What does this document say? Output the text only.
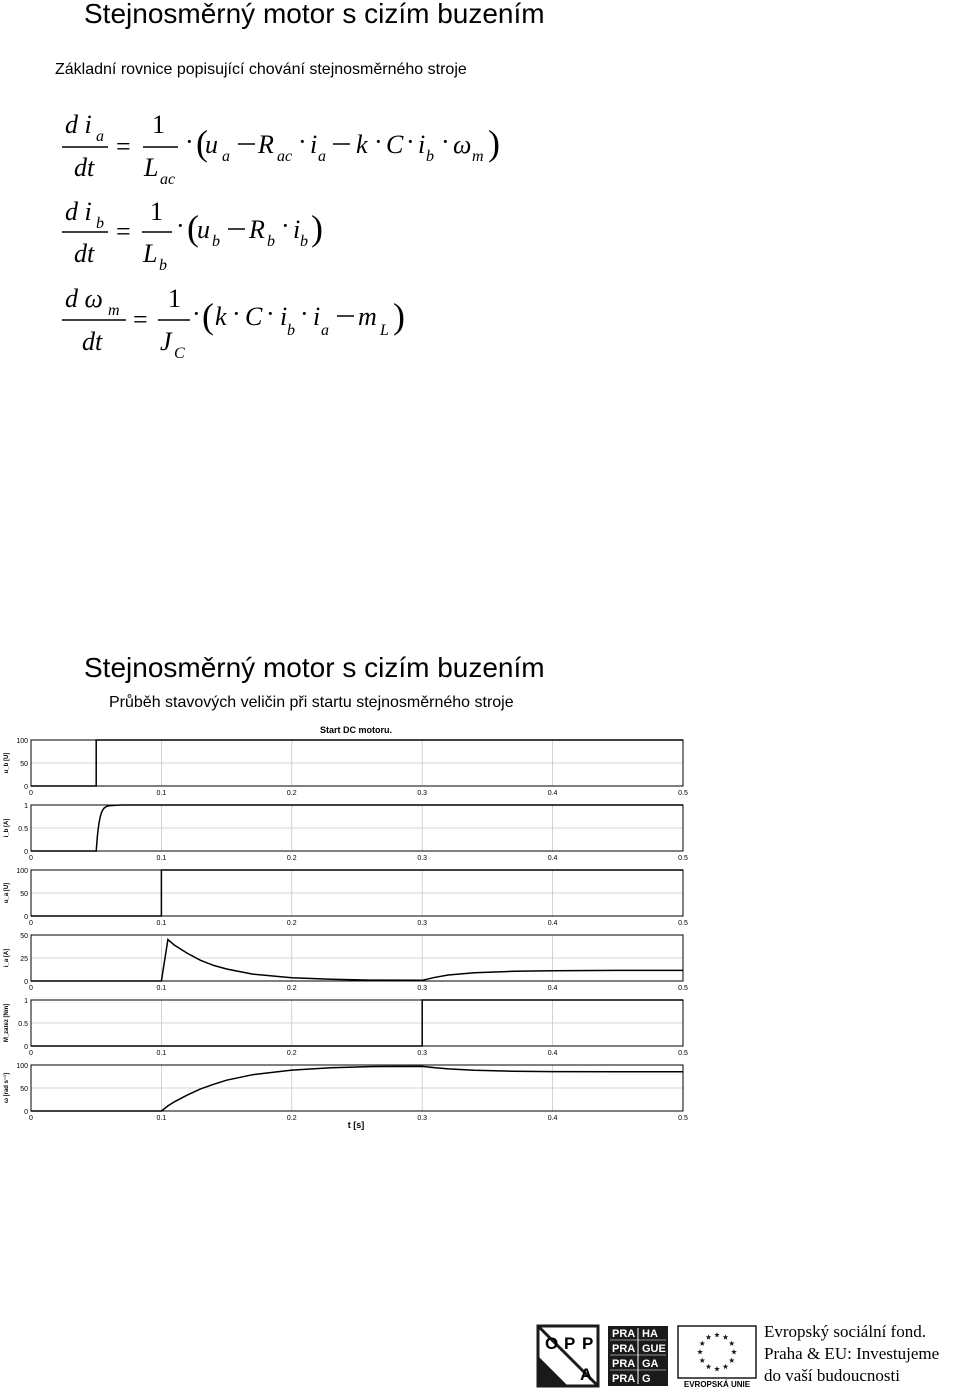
Stejnosměrný motor s cizím buzením
Základní rovnice popisující chování stejnosměrného stroje
d i a
dt
=
1
L ac
· (
u a R ac
· i a k · C · i b
· ω m )
d i b
dt
=
1
L b
· (
u b R b
· i b )
d ω m
dt
=
1
J C
· ( k · C · i b
· i a m L )
Stejnosměrný motor s cizím buzením
Průběh stavových veličin při startu stejnosměrného stroje
Start DC motoru.
0
50
100
0	0.1	0.2	0.3	0.4	0.5
u_b [U]
0
0.5
1
0	0.1	0.2	0.3	0.4	0.5
i_b [A]
0
50
100
0	0.1	0.2	0.3	0.4	0.5
u_a [U]
0
25
50
0	0.1	0.2	0.3	0.4	0.5
i_a [A]
0
0.5
1
0	0.1	0.2	0.3	0.4	0.5
M_zatez [Nm]
0
50
100
0	0.1	0.2	0.3	0.4	0.5
ω [rad s⁻¹]
t [s]
O P P
A
PRA HA
PRA GUE
PRA GA
PRA G	EVROPSKÁ UNIE
Evropský sociální fond.
Praha & EU: Investujeme
do vaší budoucnosti
